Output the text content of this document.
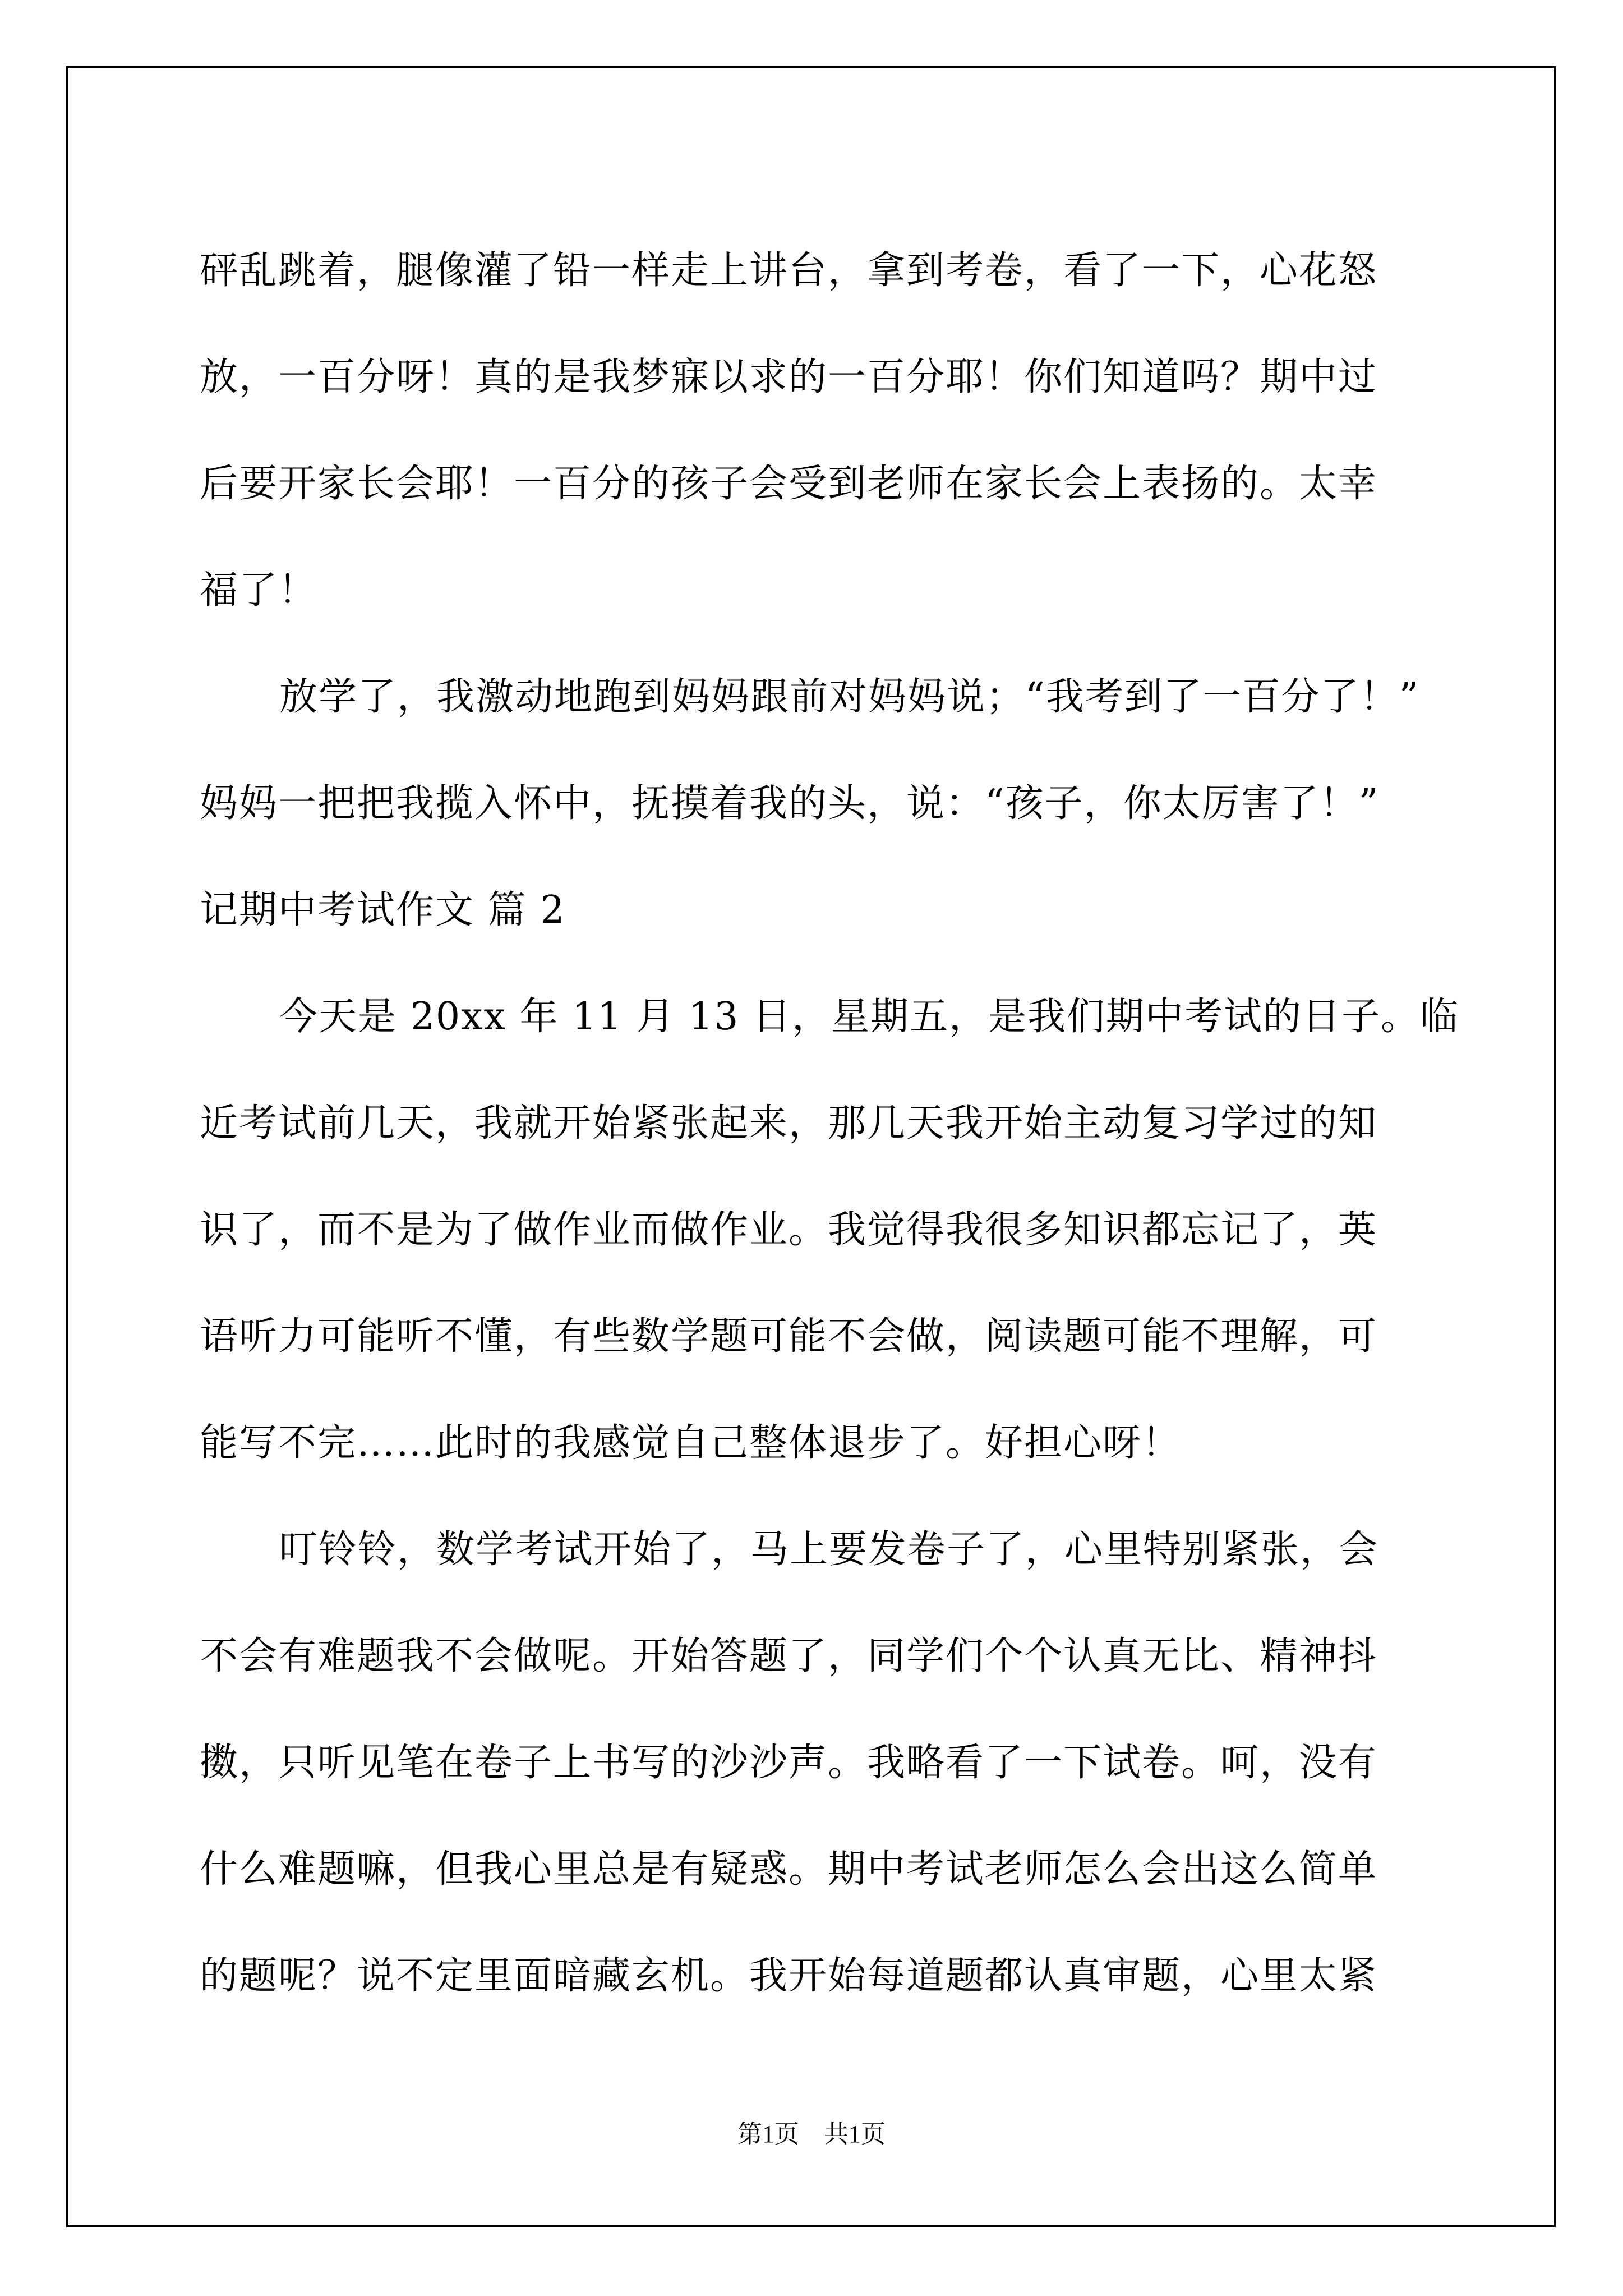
砰乱跳着，腿像灌了铅一样走上讲台，拿到考卷，看了一下，心花怒
放，一百分呀！真的是我梦寐以求的一百分耶！你们知道吗？期中过
后要开家长会耶！一百分的孩子会受到老师在家长会上表扬的。太幸
福了！
放学了，我激动地跑到妈妈跟前对妈妈说；“我考到了一百分了！”
妈妈一把把我揽入怀中，抚摸着我的头，说：“孩子，你太厉害了！”
记期中考试作文 篇 2
今天是 20xx 年 11 月 13 日，星期五，是我们期中考试的日子。临
近考试前几天，我就开始紧张起来，那几天我开始主动复习学过的知
识了，而不是为了做作业而做作业。我觉得我很多知识都忘记了，英
语听力可能听不懂，有些数学题可能不会做，阅读题可能不理解，可
能写不完……此时的我感觉自己整体退步了。好担心呀！
叮铃铃，数学考试开始了，马上要发卷子了，心里特别紧张，会
不会有难题我不会做呢。开始答题了，同学们个个认真无比、精神抖
擞，只听见笔在卷子上书写的沙沙声。我略看了一下试卷。呵，没有
什么难题嘛，但我心里总是有疑惑。期中考试老师怎么会出这么简单
的题呢？说不定里面暗藏玄机。我开始每道题都认真审题，心里太紧
第1页 共1页
